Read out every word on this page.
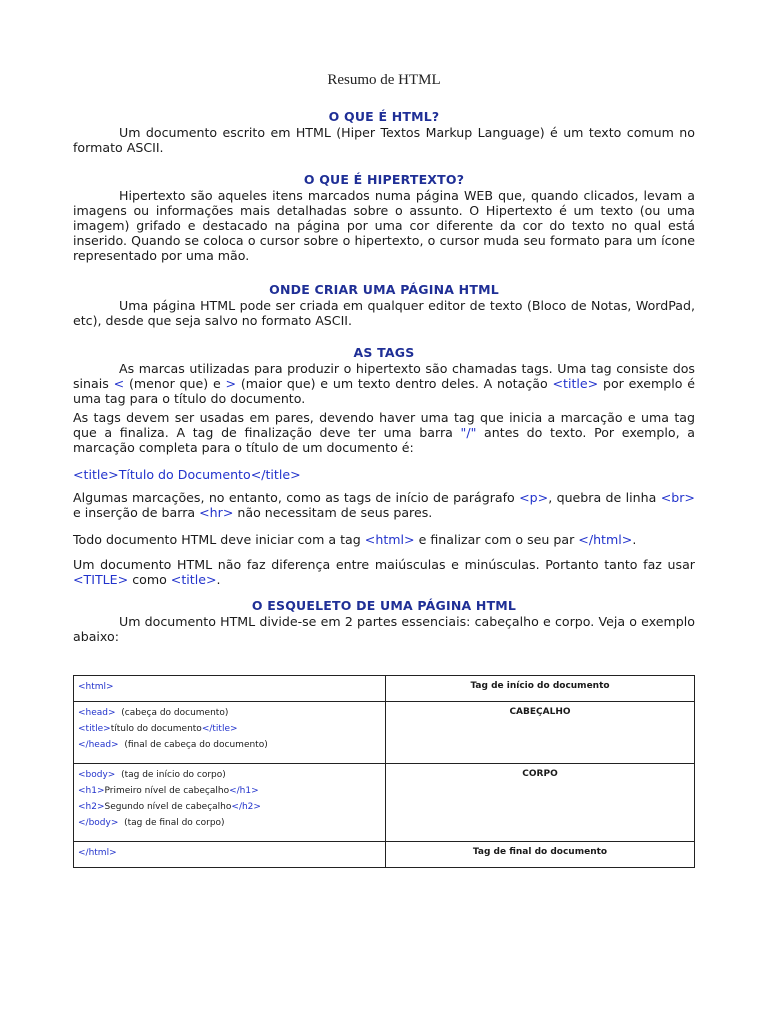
Resumo de HTML
O QUE É HTML?
Um documento escrito em HTML (Hiper Textos Markup Language) é um texto comum no formato ASCII.
O QUE É HIPERTEXTO?
Hipertexto são aqueles itens marcados numa página WEB que, quando clicados, levam a imagens ou informações mais detalhadas sobre o assunto. O Hipertexto é um texto (ou uma imagem) grifado e destacado na página por uma cor diferente da cor do texto no qual está inserido. Quando se coloca o cursor sobre o hipertexto, o cursor muda seu formato para um ícone representado por uma mão.
ONDE CRIAR UMA PÁGINA HTML
Uma página HTML pode ser criada em qualquer editor de texto (Bloco de Notas, WordPad, etc), desde que seja salvo no formato ASCII.
AS TAGS
As marcas utilizadas para produzir o hipertexto são chamadas tags. Uma tag consiste dos sinais < (menor que) e > (maior que) e um texto dentro deles. A notação <title> por exemplo é uma tag para o título do documento.
As tags devem ser usadas em pares, devendo haver uma tag que inicia a marcação e uma tag que a finaliza. A tag de finalização deve ter uma barra "/" antes do texto. Por exemplo, a marcação completa para o título de um documento é:
<title>Título do Documento</title>
Algumas marcações, no entanto, como as tags de início de parágrafo <p>, quebra de linha <br> e inserção de barra <hr> não necessitam de seus pares.
Todo documento HTML deve iniciar com a tag <html> e finalizar com o seu par </html>.
Um documento HTML não faz diferença entre maiúsculas e minúsculas. Portanto tanto faz usar <TITLE> como <title>.
O ESQUELETO DE UMA PÁGINA HTML
Um documento HTML divide-se em 2 partes essenciais: cabeçalho e corpo. Veja o exemplo abaixo:
<html>	Tag de início do documento

<head>  (cabeça do documento)
<title>título do documento</title>
</head>  (final de cabeça do documento)	CABEÇALHO

<body>  (tag de início do corpo)
<h1>Primeiro nível de cabeçalho</h1>
<h2>Segundo nível de cabeçalho</h2>
</body>  (tag de final do corpo)	CORPO
</html>	Tag de final do documento
